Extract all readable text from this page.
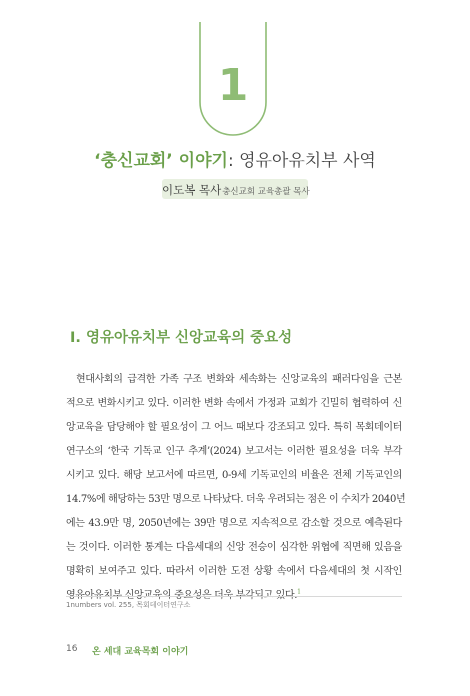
1
‘충신교회’ 이야기: 영유아유치부 사역
이도복 목사충신교회 교육총괄 목사
Ⅰ. 영유아유치부 신앙교육의 중요성
현대사회의 급격한 가족 구조 변화와 세속화는 신앙교육의 패러다임을 근본
적으로 변화시키고 있다. 이러한 변화 속에서 가정과 교회가 긴밀히 협력하여 신
앙교육을 담당해야 할 필요성이 그 어느 때보다 강조되고 있다. 특히 목회데이터
연구소의 ‘한국 기독교 인구 추계’(2024) 보고서는 이러한 필요성을 더욱 부각
시키고 있다. 해당 보고서에 따르면, 0-9세 기독교인의 비율은 전체 기독교인의
14.7%에 해당하는 53만 명으로 나타났다. 더욱 우려되는 점은 이 수치가 2040년
에는 43.9만 명, 2050년에는 39만 명으로 지속적으로 감소할 것으로 예측된다
는 것이다. 이러한 통계는 다음세대의 신앙 전승이 심각한 위협에 직면해 있음을
명확히 보여주고 있다. 따라서 이러한 도전 상황 속에서 다음세대의 첫 시작인
영유아유치부 신앙교육의 중요성은 더욱 부각되고 있다.$^1$
1numbers vol. 255, 목회데이터연구소
16 온 세대 교육목회 이야기
